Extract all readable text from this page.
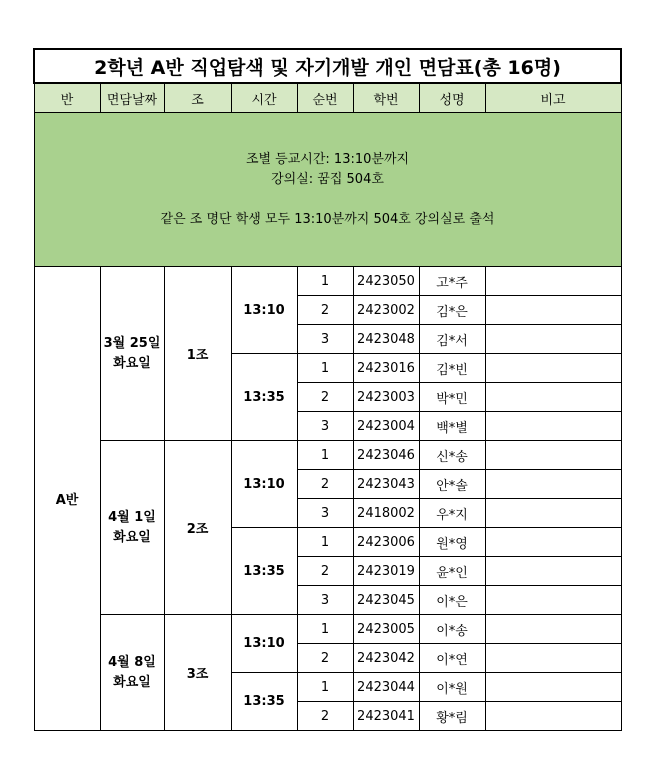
2학년 A반 직업탐색 및 자기개발 개인 면담표(총 16명)							
반	면담날짜	조	시간	순번	학번	성명	비고

조별 등교시간: 13:10분까지
강의실: 꿈집 504호
같은 조 명단 학생 모두 13:10분까지 504호 강의실로 출석							

A반	3월 25일
화요일	1조	13:10	1	2423050	고*주	
				2	2423002	김*은	
				3	2423048	김*서	
			13:35	1	2423016	김*빈	
				2	2423003	박*민	
				3	2423004	백*별	

	4월 1일
화요일	2조	13:10	1	2423046	신*송	
				2	2423043	안*솔	
				3	2418002	우*지	
			13:35	1	2423006	원*영	
				2	2423019	윤*인	
				3	2423045	이*은	

	4월 8일
화요일	3조	13:10	1	2423005	이*송	
				2	2423042	이*연	
			13:35	1	2423044	이*원	
				2	2423041	황*림	
